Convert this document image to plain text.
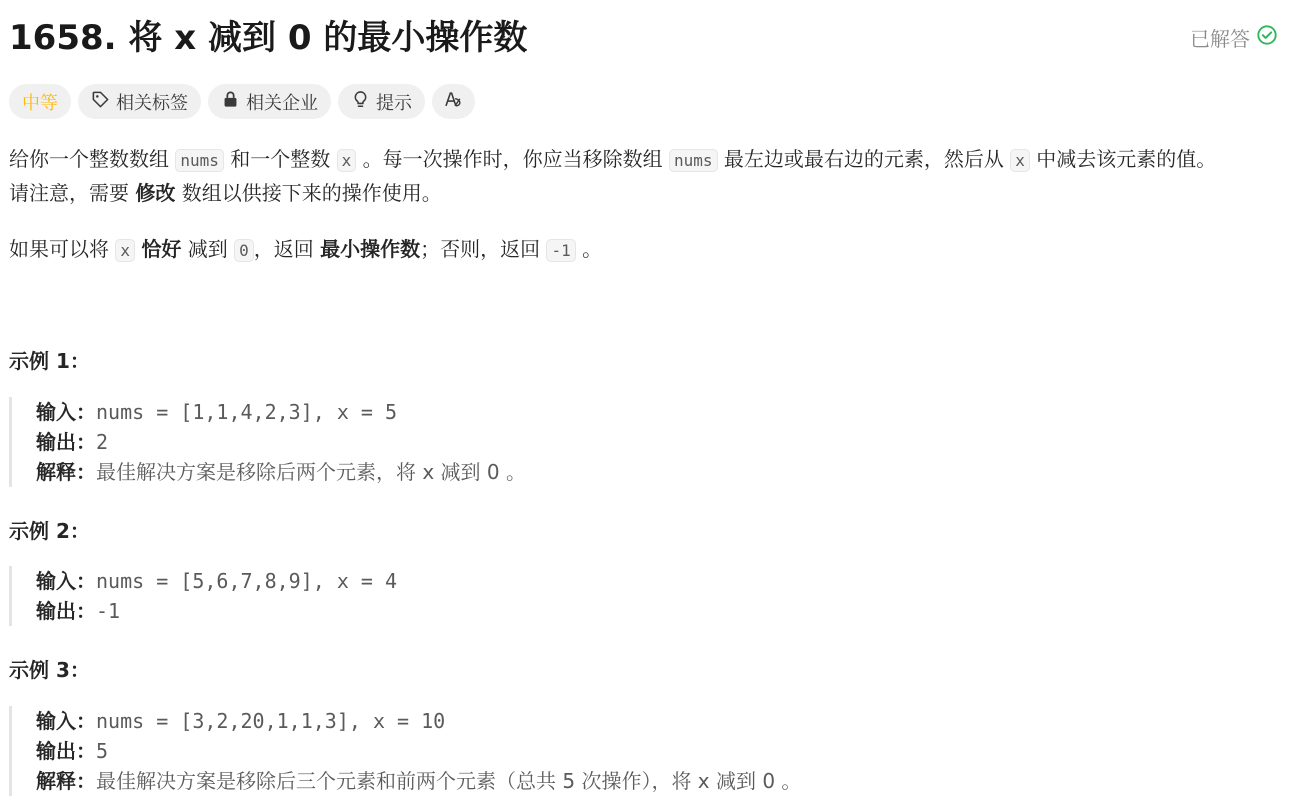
1658. 将 x 减到 0 的最小操作数	已解答
中等	相关标签	相关企业	提示

给你一个整数数组 nums 和一个整数 x 。每一次操作时，你应当移除数组 nums 最左边或最右边的元素，然后从 x 中减去该元素的值。
请注意，需要 修改 数组以供接下来的操作使用。

如果可以将 x 恰好 减到 0 ，返回 最小操作数；否则，返回 -1 。

示例 1：
输入：nums = [1,1,4,2,3], x = 5
输出：2
解释：最佳解决方案是移除后两个元素，将 x 减到 0 。
示例 2：
输入：nums = [5,6,7,8,9], x = 4
输出：-1
示例 3：
输入：nums = [3,2,20,1,1,3], x = 10
输出：5
解释：最佳解决方案是移除后三个元素和前两个元素（总共 5 次操作），将 x 减到 0 。
